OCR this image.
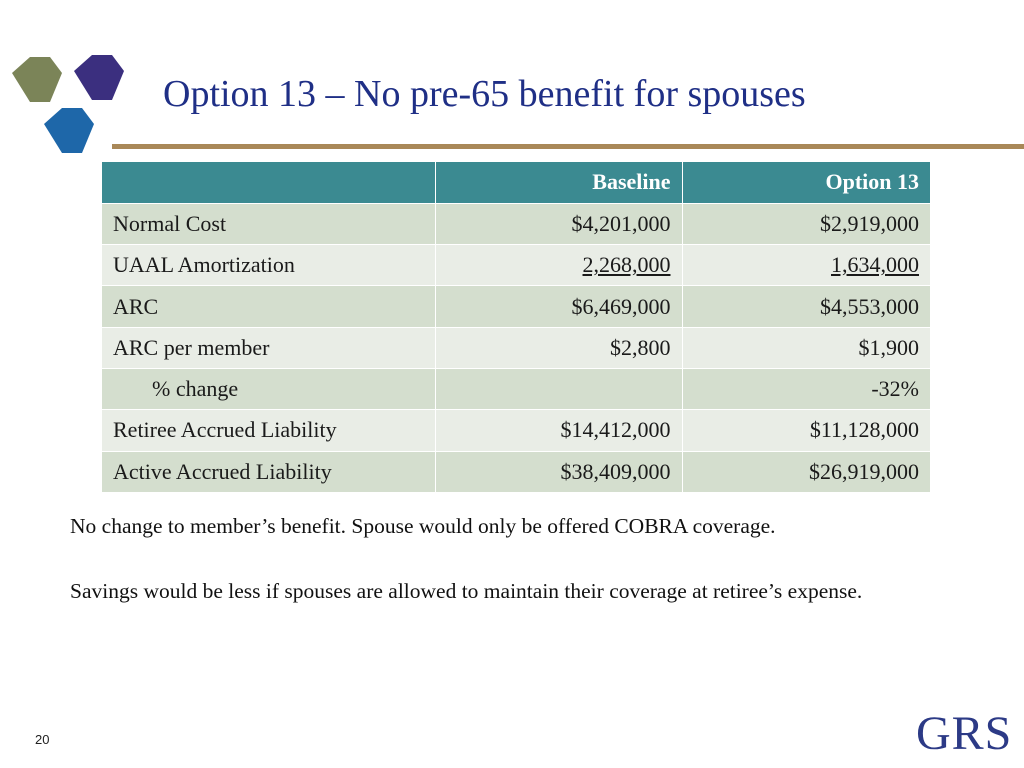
Option 13 – No pre-65 benefit for spouses
	Baseline	Option 13
Normal Cost	$4,201,000	$2,919,000
UAAL Amortization	2,268,000	1,634,000
ARC	$6,469,000	$4,553,000
ARC per member	$2,800	$1,900
% change		-32%
Retiree Accrued Liability	$14,412,000	$11,128,000
Active Accrued Liability	$38,409,000	$26,919,000

No change to member’s benefit. Spouse would only be offered COBRA coverage.

Savings would be less if spouses are allowed to maintain their coverage at retiree’s expense.

20	GRS
